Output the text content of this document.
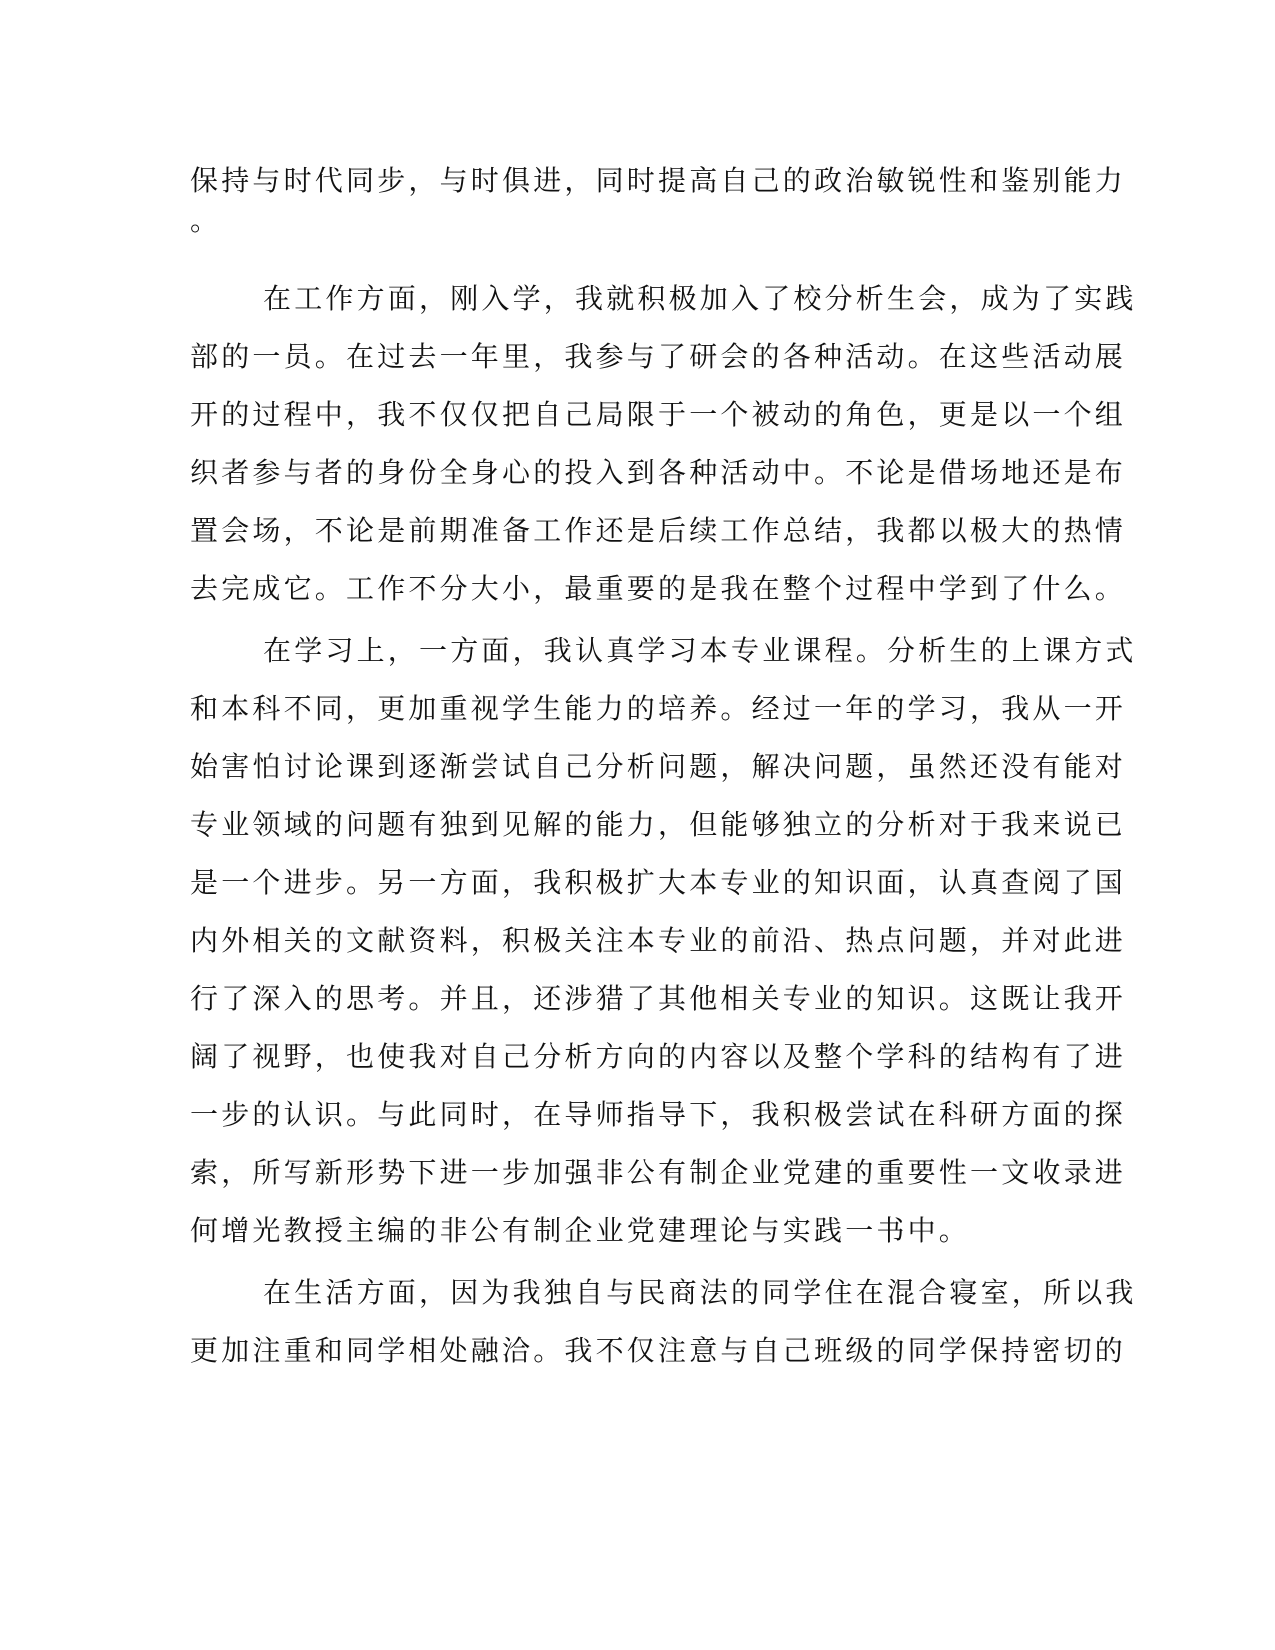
保持与时代同步，与时俱进，同时提高自己的政治敏锐性和鉴别能力
。
在工作方面，刚入学，我就积极加入了校分析生会，成为了实践
部的一员。在过去一年里，我参与了研会的各种活动。在这些活动展
开的过程中，我不仅仅把自己局限于一个被动的角色，更是以一个组
织者参与者的身份全身心的投入到各种活动中。不论是借场地还是布
置会场，不论是前期准备工作还是后续工作总结，我都以极大的热情
去完成它。工作不分大小，最重要的是我在整个过程中学到了什么。
在学习上，一方面，我认真学习本专业课程。分析生的上课方式
和本科不同，更加重视学生能力的培养。经过一年的学习，我从一开
始害怕讨论课到逐渐尝试自己分析问题，解决问题，虽然还没有能对
专业领域的问题有独到见解的能力，但能够独立的分析对于我来说已
是一个进步。另一方面，我积极扩大本专业的知识面，认真查阅了国
内外相关的文献资料，积极关注本专业的前沿、热点问题，并对此进
行了深入的思考。并且，还涉猎了其他相关专业的知识。这既让我开
阔了视野，也使我对自己分析方向的内容以及整个学科的结构有了进
一步的认识。与此同时，在导师指导下，我积极尝试在科研方面的探
索，所写新形势下进一步加强非公有制企业党建的重要性一文收录进
何增光教授主编的非公有制企业党建理论与实践一书中。
在生活方面，因为我独自与民商法的同学住在混合寝室，所以我
更加注重和同学相处融洽。我不仅注意与自己班级的同学保持密切的
